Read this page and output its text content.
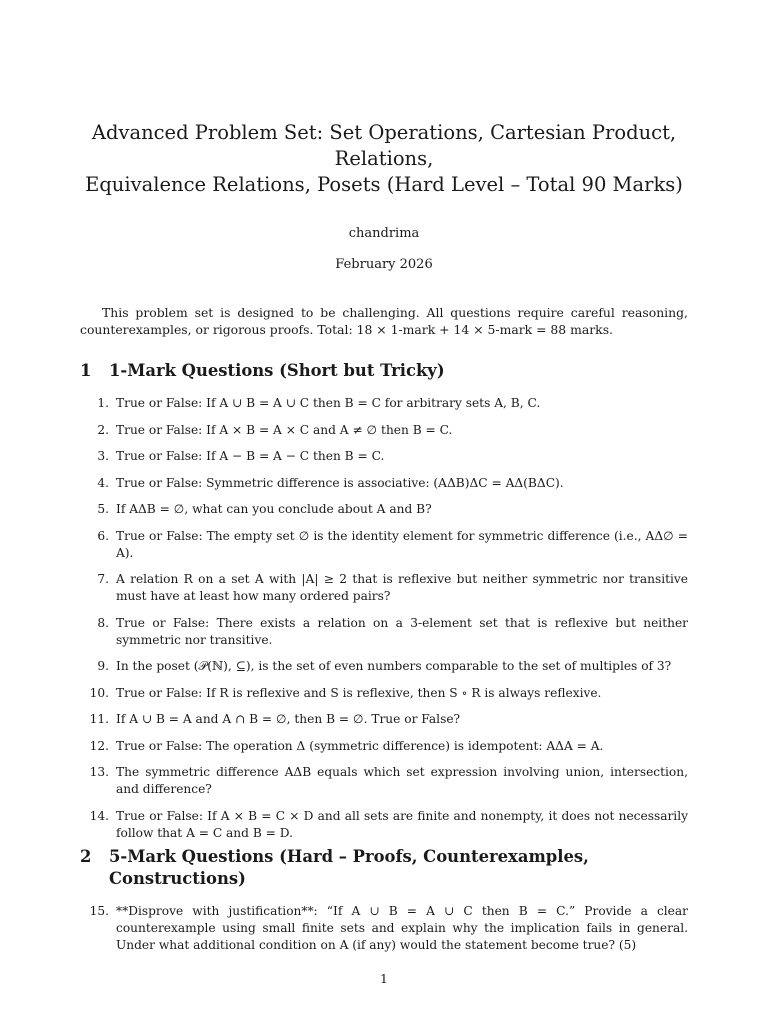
Advanced Problem Set: Set Operations, Cartesian Product,
Relations,
Equivalence Relations, Posets (Hard Level – Total 90 Marks)
chandrima
February 2026

This problem set is designed to be challenging. All questions require careful reasoning, counterexamples, or rigorous proofs. Total: 18 × 1-mark + 14 × 5-mark = 88 marks.

1 1-Mark Questions (Short but Tricky)
1. True or False: If A ∪ B = A ∪ C then B = C for arbitrary sets A, B, C.
2. True or False: If A × B = A × C and A ≠ ∅ then B = C.
3. True or False: If A − B = A − C then B = C.
4. True or False: Symmetric difference is associative: (AΔB)ΔC = AΔ(BΔC).
5. If AΔB = ∅, what can you conclude about A and B?
6. True or False: The empty set ∅ is the identity element for symmetric difference (i.e., AΔ∅ = A).
7. A relation R on a set A with |A| ≥ 2 that is reflexive but neither symmetric nor transitive must have at least how many ordered pairs?
8. True or False: There exists a relation on a 3-element set that is reflexive but neither symmetric nor transitive.
9. In the poset (𝒫(ℕ), ⊆), is the set of even numbers comparable to the set of multiples of 3?
10. True or False: If R is reflexive and S is reflexive, then S ∘ R is always reflexive.
11. If A ∪ B = A and A ∩ B = ∅, then B = ∅. True or False?
12. True or False: The operation Δ (symmetric difference) is idempotent: AΔA = A.
13. The symmetric difference AΔB equals which set expression involving union, intersection, and difference?
14. True or False: If A × B = C × D and all sets are finite and nonempty, it does not necessarily follow that A = C and B = D.
2 5-Mark Questions (Hard – Proofs, Counterexamples, Constructions)
15. **Disprove with justification**: “If A ∪ B = A ∪ C then B = C.” Provide a clear counterexample using small finite sets and explain why the implication fails in general. Under what additional condition on A (if any) would the statement become true? (5)
1
